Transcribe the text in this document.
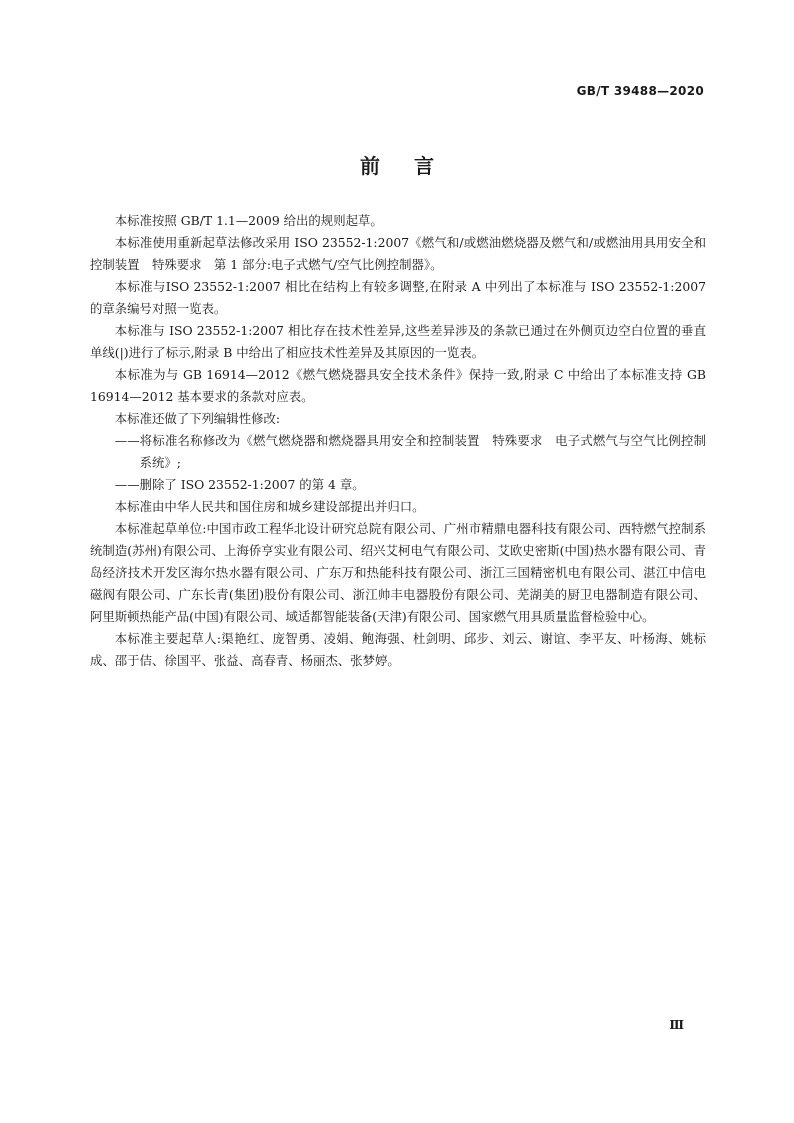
GB/T 39488—2020
前言

本标准按照 GB/T 1.1—2009 给出的规则起草。

本标准使用重新起草法修改采用 ISO 23552-1:2007《燃气和/或燃油燃烧器及燃气和/或燃油用具用安全和控制装置　特殊要求　第 1 部分:电子式燃气/空气比例控制器》。

本标准与ISO 23552-1:2007 相比在结构上有较多调整,在附录 A 中列出了本标准与 ISO 23552-1:2007 的章条编号对照一览表。

本标准与 ISO 23552-1:2007 相比存在技术性差异,这些差异涉及的条款已通过在外侧页边空白位置的垂直单线(|)进行了标示,附录 B 中给出了相应技术性差异及其原因的一览表。

本标准为与 GB 16914—2012《燃气燃烧器具安全技术条件》保持一致,附录 C 中给出了本标准支持 GB 16914—2012 基本要求的条款对应表。

本标准还做了下列编辑性修改:

——将标准名称修改为《燃气燃烧器和燃烧器具用安全和控制装置　特殊要求　电子式燃气与空气比例控制系统》;

——删除了 ISO 23552-1:2007 的第 4 章。

本标准由中华人民共和国住房和城乡建设部提出并归口。

本标准起草单位:中国市政工程华北设计研究总院有限公司、广州市精鼎电器科技有限公司、西特燃气控制系统制造(苏州)有限公司、上海侨亨实业有限公司、绍兴艾柯电气有限公司、艾欧史密斯(中国)热水器有限公司、青岛经济技术开发区海尔热水器有限公司、广东万和热能科技有限公司、浙江三国精密机电有限公司、湛江中信电磁阀有限公司、广东长青(集团)股份有限公司、浙江帅丰电器股份有限公司、芜湖美的厨卫电器制造有限公司、阿里斯顿热能产品(中国)有限公司、域适都智能装备(天津)有限公司、国家燃气用具质量监督检验中心。

本标准主要起草人:渠艳红、庞智勇、凌娟、鲍海强、杜剑明、邱步、刘云、谢谊、李平友、叶杨海、姚标成、邵于佶、徐国平、张益、高春青、杨丽杰、张梦婷。

Ⅲ
